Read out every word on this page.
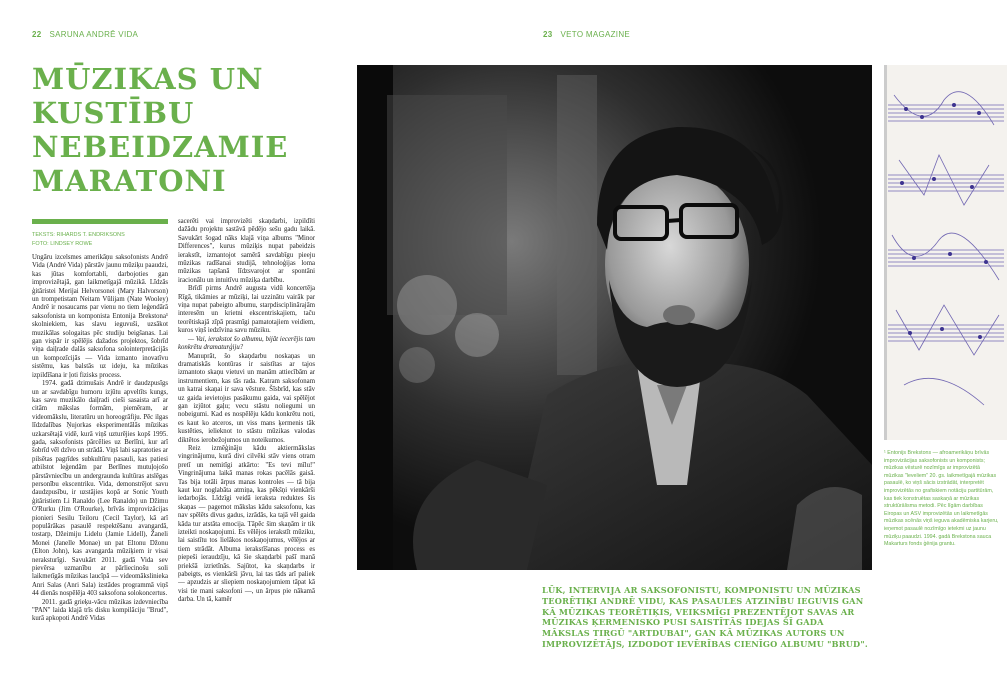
22 SARUNA ANDRĒ VIDA	23 VETO MAGAZINE
MŪZIKAS UN KUSTĪBU NEBEIDZAMIE MARATONI
TEKSTS: RIHARDS T. ENDRIKSONS
FOTO: LINDSEY ROWE

Ungāru izcelsmes amerikāņu saksofonists Andrē Vida (André Vida) pārstāv jaunu mūziķu paaudzi, kas jūtas komfortabli, darbojoties gan improvizētajā, gan laikmetīgajā mūzikā. Līdzās ģitāristei Merijai Helvorsonei (Mary Halvorson) un trompetistam Neitam Vūlijam (Nate Wooley) Andrē ir nosaucams par vienu no tiem leģendārā saksofonista un komponista Entonija Brekstona¹ skolniekiem, kas slavu ieguvuši, uzsākot muzikālas sologaitas pēc studiju beigšanas. Lai gan vispār ir spēlējis dažados projektos, šobrīd viņa daiļrade dalās saksofona solointerpretācijās un kompozīcijās — Vida izmanto inovatīvu sistēmu, kas balstās uz ideju, ka mūzikas izpildīšana ir ļoti fizisks process.

1974. gadā dzimušais Andrē ir daudzpusīgs un ar savdabīgu humoru izjūtu apveltīts kungs, kas savu muzikālo daiļradi cieši sasaista arī ar citām mākslas formām, piemēram, ar videomākslu, literatūru un horeogrāfiju. Pēc ilgas līdzdalības Ņujorkas eksperimentālās mūzikas uzkarsētajā vidē, kurā viņš uzturējies kopš 1995. gada, saksofonists pārcēlies uz Berlīni, kur arī šobrīd vēl dzīvo un strādā. Viņš labi sapratoties ar pilsētas pagrīdes subkultūru pasauli, kas patiesi atbilstot leģendām par Berlīnes mutuļojošo pārstāvniecību un andergraunda kultūras atslēgas personību ekscentriku. Vida, demonstrējot savu daudzpusību, ir uzstājies kopā ar Sonic Youth ģitāristiem Li Ranaldo (Lee Ranaldo) un Džimu O'Rurku (Jim O'Rourke), brīvās improvizācijas pionieri Sesilu Teiloru (Cecil Taylor), kā arī populārākas pasaulē respektēšanu avangardā, tostarp, Džeimiju Lidelu (Jamie Lidell), Žaneli Monei (Janelle Monae) un pat Eltonu Džonu (Elton John), kas avangarda mūziķiem ir visai neraksturīgi. Savukārt 2011. gadā Vida sev pievērsa uzmanību ar pārliecinošu soli laikmetīgās mūzikas laucīpā — videomākslinieka Anri Salas (Anri Sala) izstādes programmā viņš 44 dienās nospēlēja 403 saksofona solokoncertus.

2011. gadā grieķu-vācu mūzikas izdevniecība "PAN" laida klajā trīs disku kompilāciju "Brud", kurā apkopoti Andrē Vidas

sacerēti vai improvizēti skaņdarbi, izpildīti dažādu projektu sastāvā pēdējo sešu gadu laikā. Savukārt šogad nāks klajā viņa albums "Minor Differences", kurus mūziķis nupat pabeidzis ierakstīt, izmantojot samērā savdabīgu pieeju mūzikas radīšanai studijā, tehnoloģijas loma mūzikas tapšanā līdzsvarojot ar spontāni iracionālu un intuitīvu mūziķa darbību.

Brīdī pirms Andrē augusta vidū koncertēja Rīgā, tikāmies ar mūziķi, lai uzzinātu vairāk par viņa nupat pabeigto albumu, starpdisciplinārajām interesēm un krietni ekscentriskajiem, taču teorētiskajā zīpā prasmīgi pamatotajiem veidiem, kuros viņš iedzīvina savu mūziku.

— Vai, ierakstot šo albumu, bijāt iecerējis tam konkrētu dramaturģiju?

Manuprāt, šo skaņdarbu noskaņas un dramatiskās kontūras ir saistītas ar tajos izmantoto skaņu vietuvi un manām attiecībām ar instrumentiem, kas tās rada. Katram saksofonam un katrai skaņai ir sava vēsture. Šīsbrīd, kas stāv uz gaida ievietojus pasākumu gaida, vai spēlējot gan izjūtot gaļu; vecu stāstu noliegumi un nobeigumi. Kad es nospēlēju kādu konkrētu noti, es kaut ko atceros, un viss mans ķermenis tāk kustēties, ielieknot to stāstu mūzikas valodas diktētos ierobežojumos un noteikumos.

Reiz izmēģināju kādu aktiermākslas vingrinājumu, kurā divi cilvēki stāv viens otram pretī un nemitīgi atkārto: "Es tevi mīlu!" Vingrinājuma laikā manas rokas pacēlās gaisā. Tas bija totāli ārpus manas kontroles — tā bija kaut kur noglabāta atmiņa, kas pēkšņi vienkārši iedarbojās. Līdzīgi veidā ieraksta reduktes šis skaņas — pagemot mākslas kādu saksofonu, kas nav spēlēts divus gadus, izrādās, ka tajā vēl gaida kāda tur atstāta emocija. Tāpēc šim skaņām ir tik izteikti noskaņojumi. Es vēlējos ierakstīt mūziku, lai saistītu tos lielākos noskaņojumus, vēlējos ar tiem strādāt. Albuma ierakstīšanas process es piepeši ieraudzīju, kā šie skaņdarbi pašī manā priekšā izrietīnās. Sajūtot, ka skaņdarbs ir pabeigts, es vienkārši jāvu, lai tas tāds arī paliek — apzudzis ar sliepiem noskaņojumiem tāpat kā visi tie mani saksofoni —, un ārpus pie nākamā darba. Un tā, kamēr

¹ Entonijs Brekstons — afroamerikāņu brīvās improvizācijas saksofonists un komponists; mūzikas vēsturē nozīmīgs ar improvizētā mūzikas "leveliem" 20. gs. laikmetīgajā mūzikas pasaulē, ko viņš sācis izstrādāt, interpretēt improvizētās no grafiskiem notāciju partitūrām, kas tiek konstruētas saskaņā ar mūzikas struktūrālisma metodi. Pēc līgām darbības Eiropas un ASV improvizētās un laikmetīgās mūzikas scēnās viņš ieguva akadēmiska karjeru, ieņemot pasaulē nozīmīgo ietekmi uz jaunu mūziķu paaudzi. 1994. gadā Brekstona sauca Makarturs fonds ģēnija grantu.

LŪK, INTERVIJA AR SAKSOFONISTU, KOMPONISTU UN MŪZIKAS TEORĒTIĶI ANDRĒ VIDU, KAS PASAULES ATZINĪBU IEGUVIS GAN KĀ MŪZIKAS TEORĒTIĶIS, VEIKSMĪGI PREZENTĒJOT SAVAS AR MŪZIKAS ĶERMENISKO PUSI SAISTĪTĀS IDEJAS ŠĪ GADA MĀKSLAS TIRGŪ "ARTDUBAI", GAN KĀ MŪZIKAS AUTORS UN IMPROVIZĒTĀJS, IZDODOT IEVĒRĪBAS CIENĪGO ALBUMU "BRUD".
